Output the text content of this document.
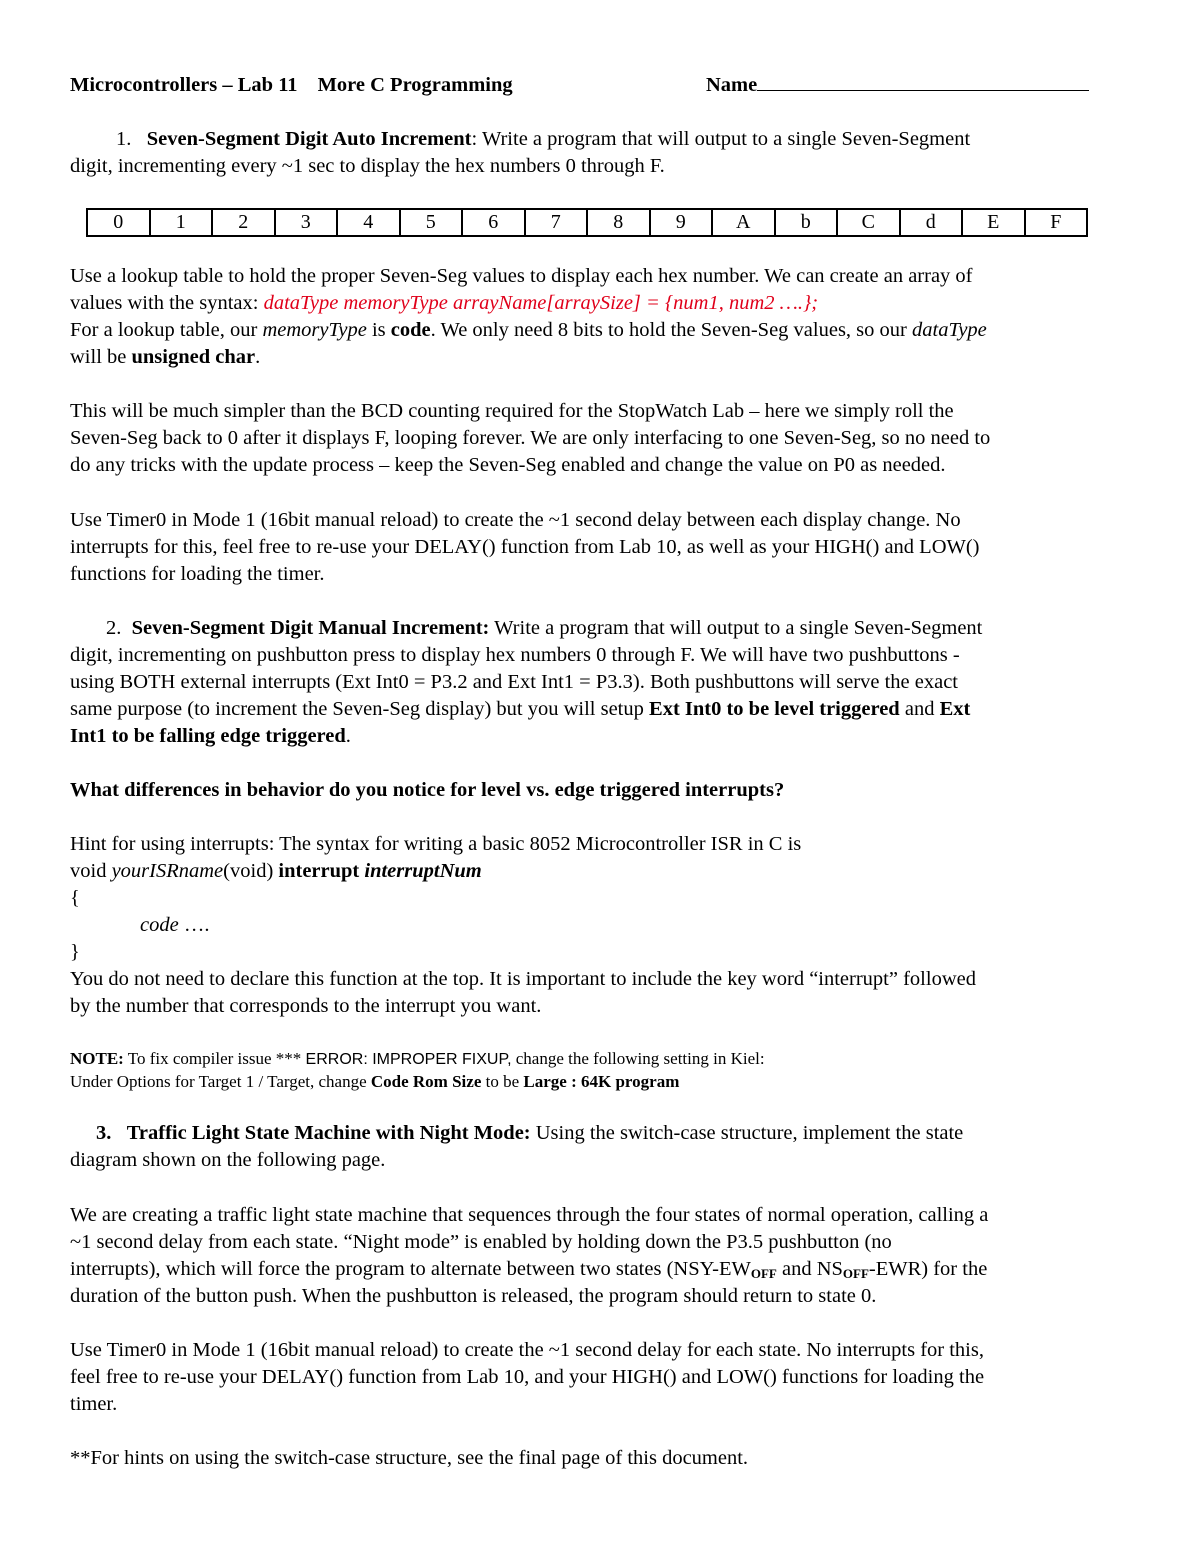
Microcontrollers – Lab 11 More C Programming	Name
1. Seven-Segment Digit Auto Increment: Write a program that will output to a single Seven-Segment
digit, incrementing every ~1 sec to display the hex numbers 0 through F.
0	1	2	3	4	5	6	7	8	9	A	b	C	d	E	F
Use a lookup table to hold the proper Seven-Seg values to display each hex number. We can create an array of
values with the syntax: dataType memoryType arrayName[arraySize] = {num1, num2 ….};
For a lookup table, our memoryType is code. We only need 8 bits to hold the Seven-Seg values, so our dataType
will be unsigned char.
This will be much simpler than the BCD counting required for the StopWatch Lab – here we simply roll the
Seven-Seg back to 0 after it displays F, looping forever. We are only interfacing to one Seven-Seg, so no need to
do any tricks with the update process – keep the Seven-Seg enabled and change the value on P0 as needed.
Use Timer0 in Mode 1 (16bit manual reload) to create the ~1 second delay between each display change. No
interrupts for this, feel free to re-use your DELAY() function from Lab 10, as well as your HIGH() and LOW()
functions for loading the timer.
2. Seven-Segment Digit Manual Increment: Write a program that will output to a single Seven-Segment
digit, incrementing on pushbutton press to display hex numbers 0 through F. We will have two pushbuttons -
using BOTH external interrupts (Ext Int0 = P3.2 and Ext Int1 = P3.3). Both pushbuttons will serve the exact
same purpose (to increment the Seven-Seg display) but you will setup Ext Int0 to be level triggered and Ext
Int1 to be falling edge triggered.
What differences in behavior do you notice for level vs. edge triggered interrupts?
Hint for using interrupts: The syntax for writing a basic 8052 Microcontroller ISR in C is
void yourISRname(void) interrupt interruptNum
{
code ….
}
You do not need to declare this function at the top. It is important to include the key word “interrupt” followed
by the number that corresponds to the interrupt you want.
NOTE: To fix compiler issue *** ERROR: IMPROPER FIXUP, change the following setting in Kiel:
Under Options for Target 1 / Target, change Code Rom Size to be Large : 64K program
3. Traffic Light State Machine with Night Mode: Using the switch-case structure, implement the state
diagram shown on the following page.
We are creating a traffic light state machine that sequences through the four states of normal operation, calling a
~1 second delay from each state. “Night mode” is enabled by holding down the P3.5 pushbutton (no
interrupts), which will force the program to alternate between two states ($NSY-EW_{OFF}$ and $NS_{OFF}-EWR$) for the
duration of the button push. When the pushbutton is released, the program should return to state 0.
Use Timer0 in Mode 1 (16bit manual reload) to create the ~1 second delay for each state. No interrupts for this,
feel free to re-use your DELAY() function from Lab 10, and your HIGH() and LOW() functions for loading the
timer.
**For hints on using the switch-case structure, see the final page of this document.
